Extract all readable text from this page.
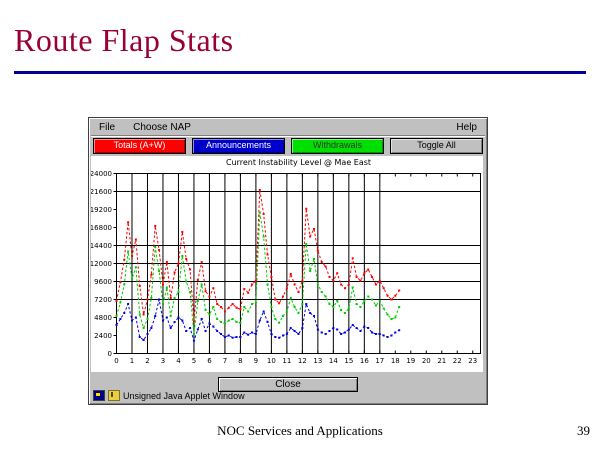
Route Flap Stats
File Choose NAP	Help
Totals (A+W)	Announcements	Withdrawals	Toggle All
0
2400
4800
7200
9600
12000
14400
16800
19200
21600
24000
0 1 2 3 4 5 6 7 8 9 10 11 12 13 14 15 16 17 18 19 20 21 22 23
Current Instability Level @ Mae East
Close
Unsigned Java Applet Window
NOC Services and Applications	39
